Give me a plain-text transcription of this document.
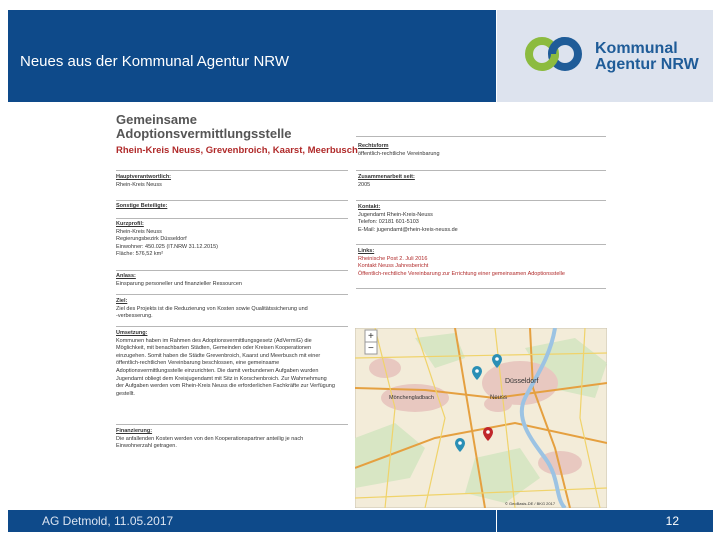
Neues aus der Kommunal Agentur NRW
Kommunal
Agentur NRW
Gemeinsame
Adoptionsvermittlungsstelle
Rhein-Kreis Neuss, Grevenbroich, Kaarst, Meerbusch
Hauptverantwortlich:
Rhein-Kreis Neuss
Sonstige Beteiligte:
Kurzprofil:
Rhein-Kreis Neuss
Regierungsbezirk Düsseldorf
Einwohner: 450.025 (IT.NRW 31.12.2015)
Fläche: 576,52 km²
Anlass:
Einsparung personeller und finanzieller Ressourcen
Ziel:
Ziel des Projekts ist die Reduzierung von Kosten sowie Qualitätssicherung und
-verbesserung.
Umsetzung:
Kommunen haben im Rahmen des Adoptionsvermittlungsgesetz (AdVermiG) die
Möglichkeit, mit benachbarten Städten, Gemeinden oder Kreisen Kooperationen
einzugehen. Somit haben die Städte Grevenbroich, Kaarst und Meerbusch mit einer
öffentlich-rechtlichen Vereinbarung beschlossen, eine gemeinsame
Adoptionsvermittlungsstelle einzurichten. Die damit verbundenen Aufgaben wurden
Jugendamt obliegt dem Kreisjugendamt mit Sitz in Korschenbroich. Zur Wahrnehmung
der Aufgaben werden vom Rhein-Kreis Neuss die erforderlichen Fachkräfte zur Verfügung
gestellt.
Finanzierung:
Die anfallenden Kosten werden von den Kooperationspartner anteilig je nach
Einwohnerzahl getragen.
Rechtsform
öffentlich-rechtliche Vereinbarung
Zusammenarbeit seit:
2005
Kontakt:
Jugendamt Rhein-Kreis-Neuss
Telefon: 02181 601-5103
E-Mail: jugendamt@rhein-kreis-neuss.de
Links:
Rheinische Post 2. Juli 2016
Kontakt Neuss Jahresbericht
Öffentlich-rechtliche Vereinbarung zur Errichtung einer gemeinsamen Adoptionsstelle
Düsseldorf
Mönchengladbach	Neuss
© GeoBasis-DE / BKG 2017
+
−
AG Detmold, 11.05.2017	12
